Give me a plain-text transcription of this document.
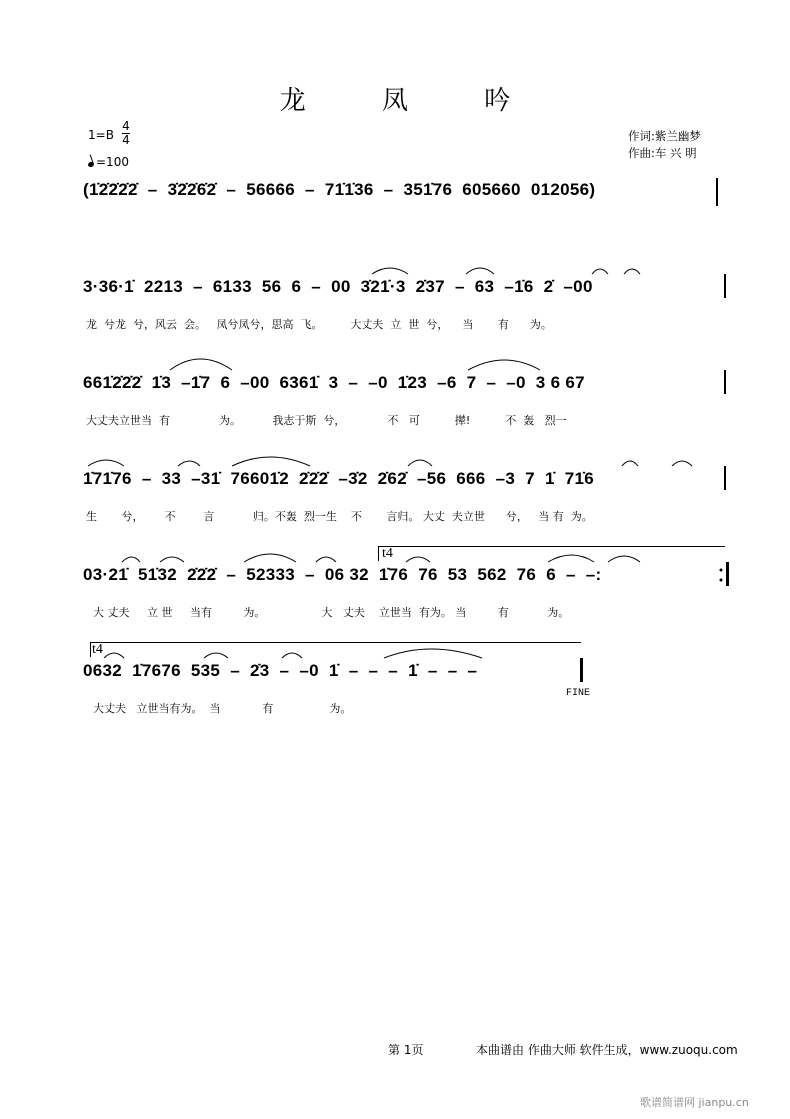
龙 凤 吟
1=B
4
4
=100
作词:紫兰幽梦
作曲:车 兴 明
(1̇2̇2̇2̇2̇  –  3̇2̇2̇6̇2̇  –  56666  –  71̇1̇36  –  351̇76  605660  012056)
3·36·1̇  2213  –  6133  56  6  –  00  3̇21̇·3  2̇37  –  63  –1̇6  2̇  –00
龙  兮龙  兮，风云  会。   凤兮凤兮，思高  飞。        大丈夫  立  世  兮，    当       有      为。
661̇2̇2̇2̇  1̇3  –1̇7  6  –00  6361̇  3  –  –0  1̇23  –6  7  –  –0  3 6 67
大丈夫立世当  有              为。         我志于斯  兮，            不   可          撵!          不  轰   烈一
1̇71̇76  –  33  –31̇  76601̇2  2̇2̇2̇  –3̇2  2̇62̇  –56  666  –3  7  1̇  71̇6
生       兮，      不        言           归。不轰  烈一生    不       言归。 大丈  夫立世      兮，   当 有  为。
03·21̇  51̇32  2̇2̇2̇  –  52333  –  06 32  1̇76  76  53  562  76  6  –  –:
大 丈夫     立 世     当有         为。                大   丈夫    立世当  有为。 当         有           为。
0632  1̇7676  535  –  2̇3  –  –0  1̇  –  –  –  1̇  –  –  –
大丈夫   立世当有为。  当            有                为。
t4
t4
FINE
第 1页	本曲谱由 作曲大师 软件生成，www.zuoqu.com
歌谱简谱网 jianpu.cn
